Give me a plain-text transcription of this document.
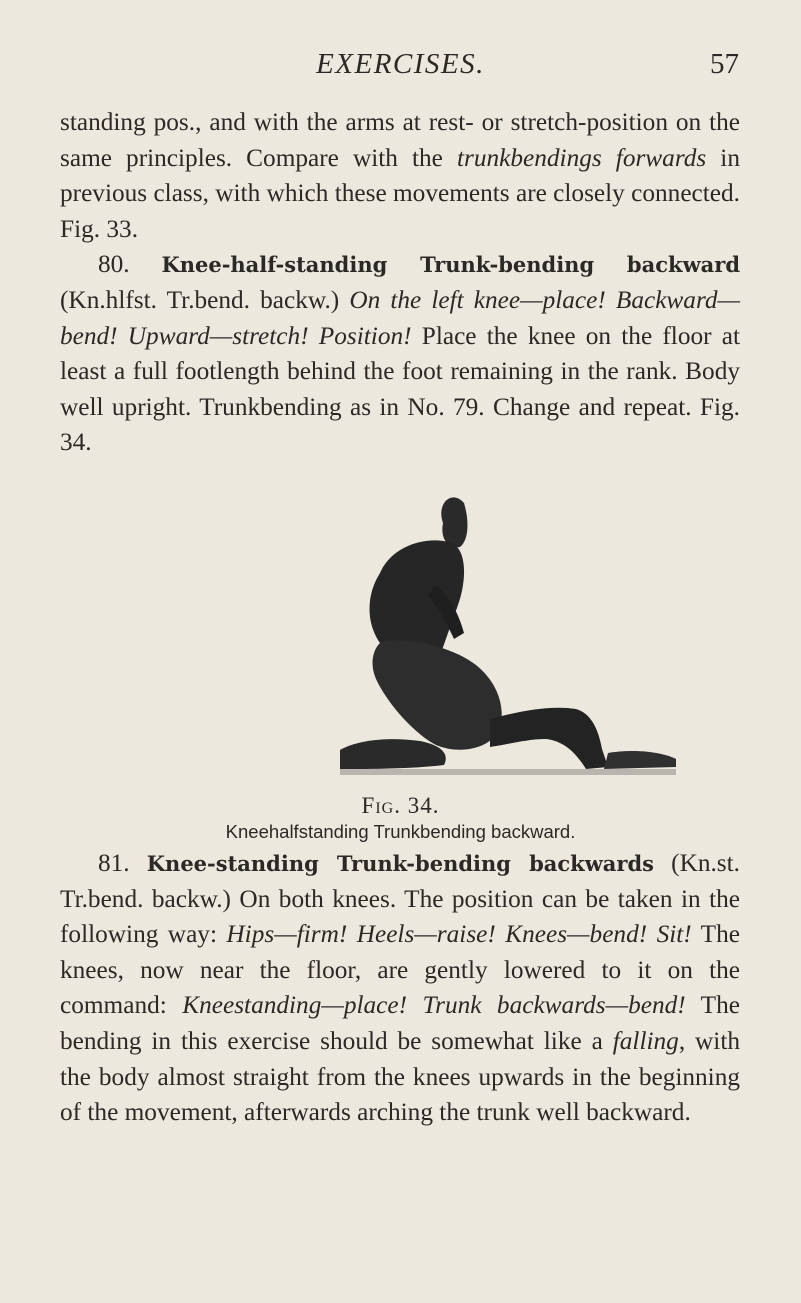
EXERCISES.	57

standing pos., and with the arms at rest- or stretch-position on the same principles. Compare with the trunkbendings forwards in previous class, with which these movements are closely connected. Fig. 33.

80. Knee-half-standing Trunk-bending backward (Kn.hlfst. Tr.bend. backw.) On the left knee—place! Backward—bend! Upward—stretch! Position! Place the knee on the floor at least a full footlength behind the foot remaining in the rank. Body well upright. Trunkbending as in No. 79. Change and repeat. Fig. 34.

Fig. 34.
Kneehalfstanding Trunkbending backward.

81. Knee-standing Trunk-bending backwards (Kn.st. Tr.bend. backw.) On both knees. The position can be taken in the following way: Hips—firm! Heels—raise! Knees—bend! Sit! The knees, now near the floor, are gently lowered to it on the command: Kneestanding—place! Trunk backwards—bend! The bending in this exercise should be somewhat like a falling, with the body almost straight from the knees upwards in the beginning of the movement, afterwards arching the trunk well backward.
